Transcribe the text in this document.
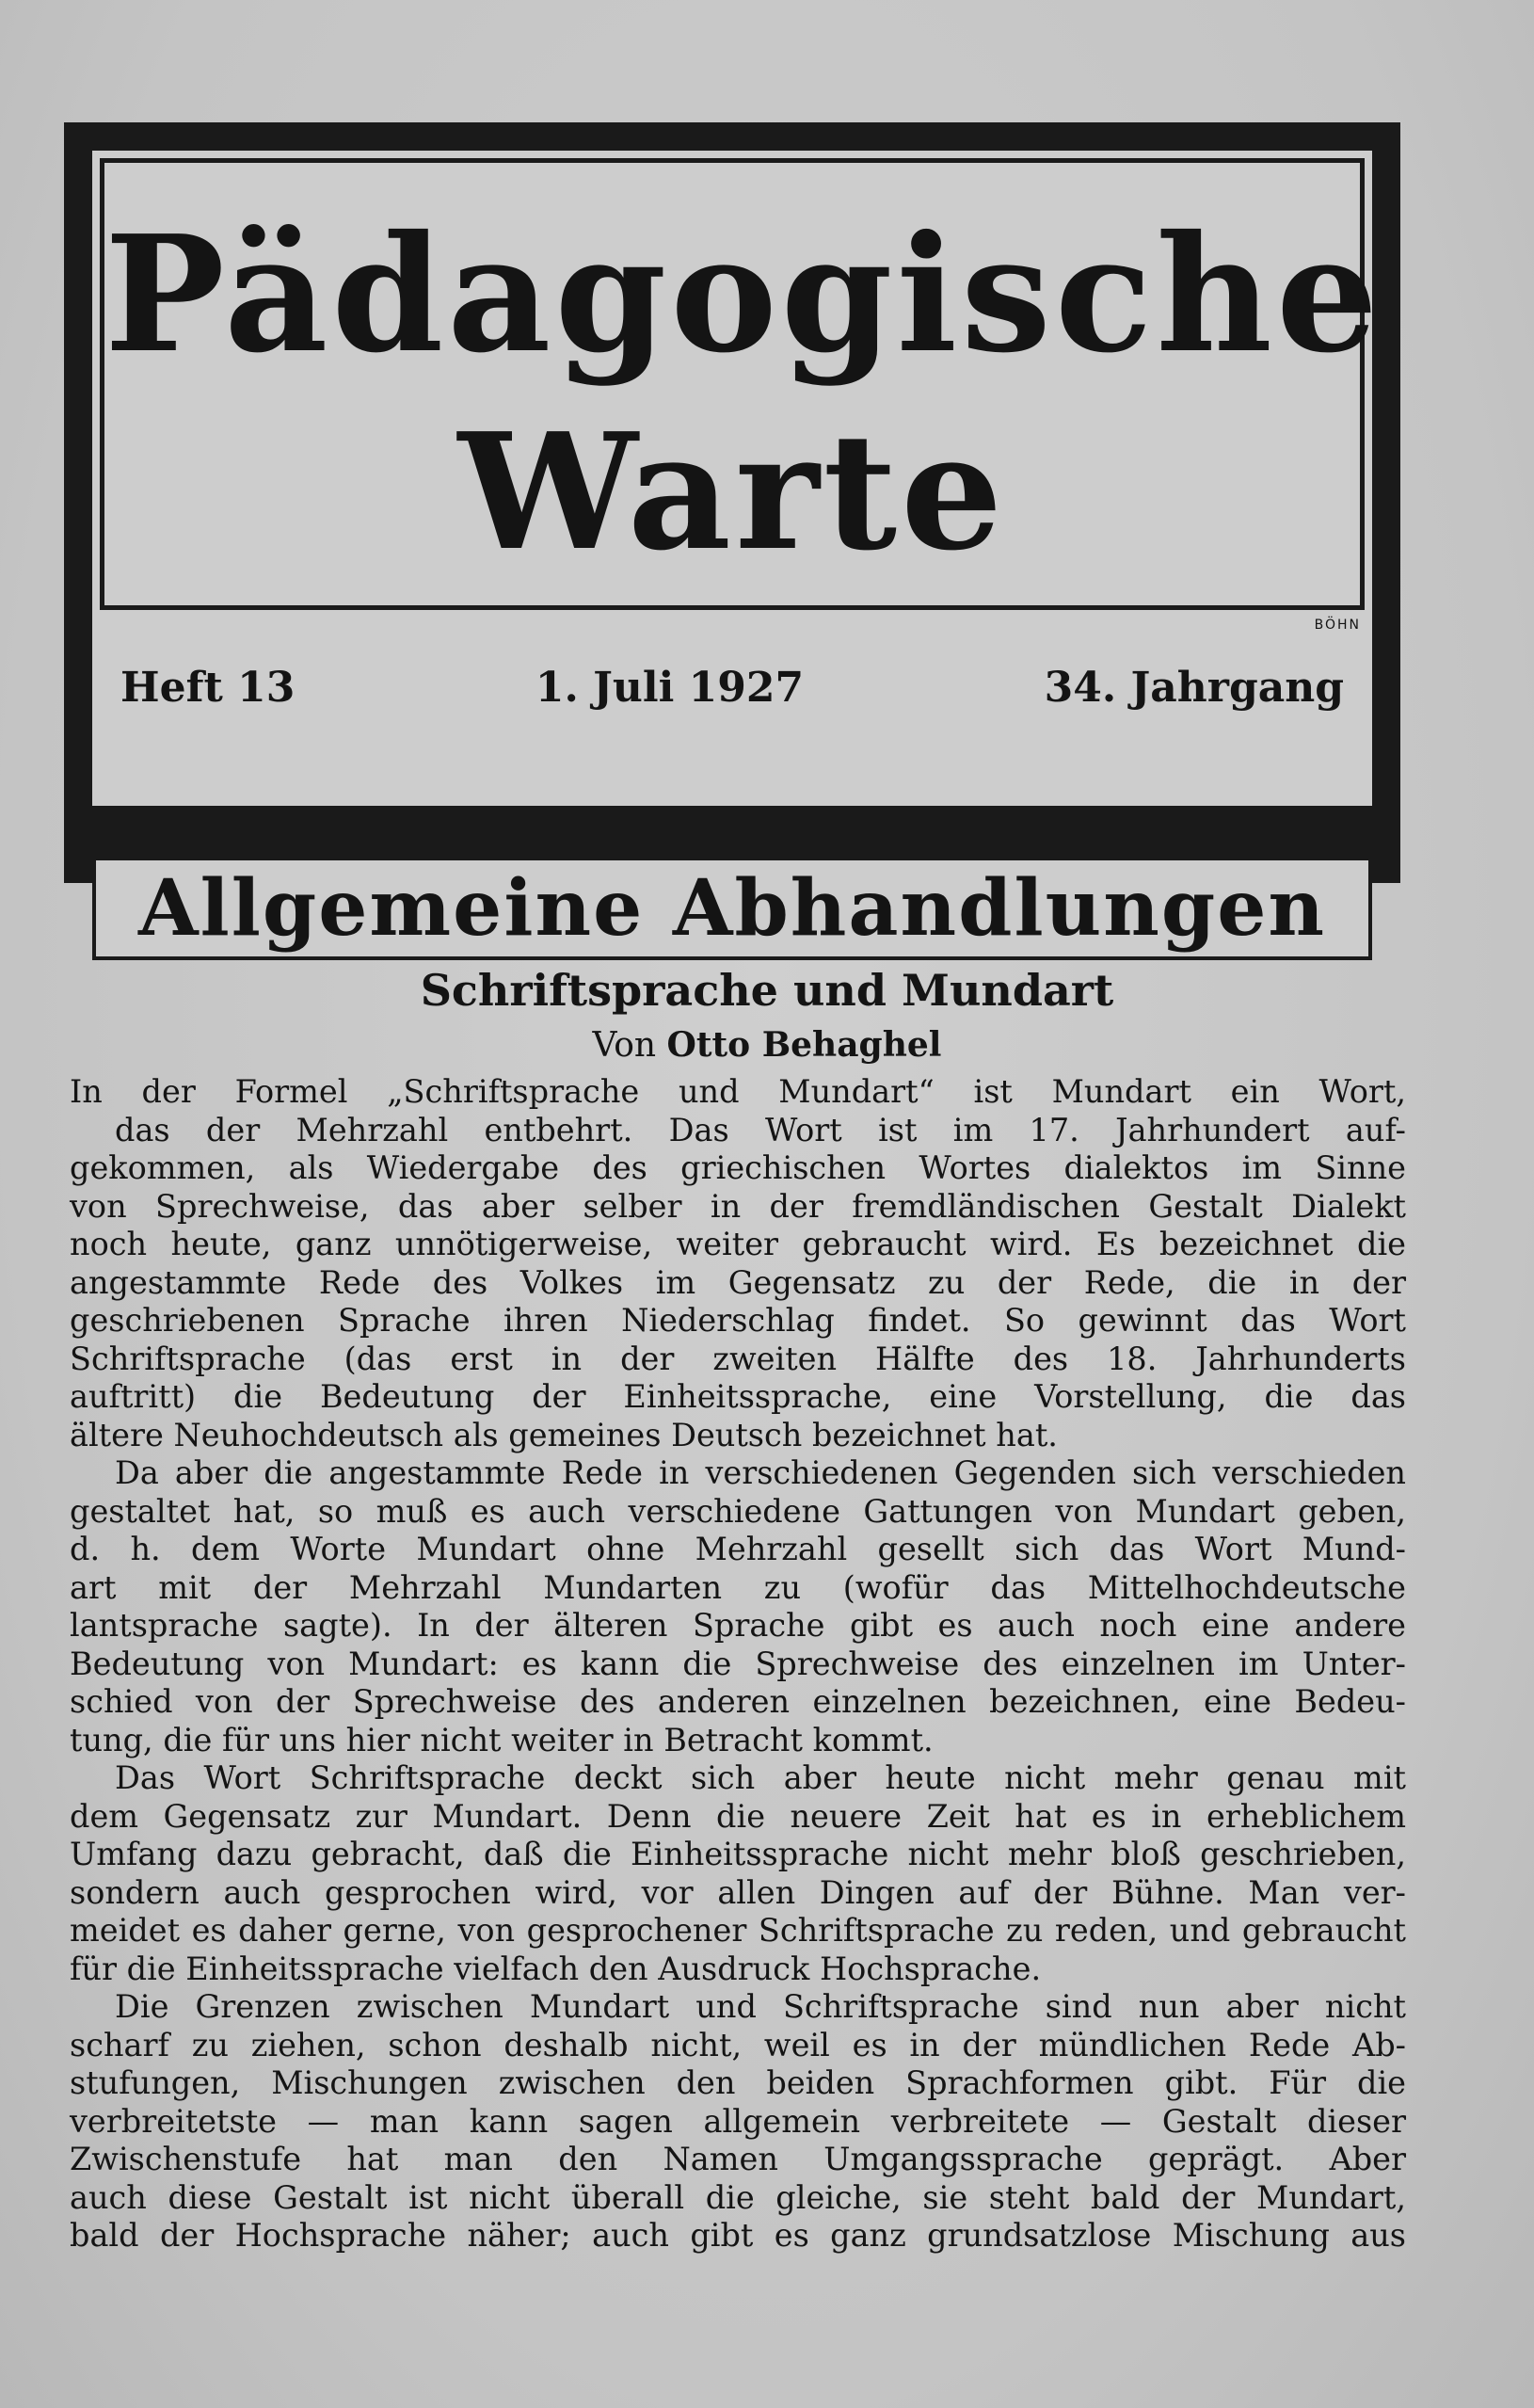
Pädagogische
Warte
BÖHN
Heft 13	1. Juli 1927	34. Jahrgang
Allgemeine Abhandlungen
Schriftsprache und Mundart
Von Otto Behaghel
In der Formel „Schriftsprache und Mundart“ ist Mundart ein Wort,
das der Mehrzahl entbehrt. Das Wort ist im 17. Jahrhundert auf-
gekommen, als Wiedergabe des griechischen Wortes dialektos im Sinne
von Sprechweise, das aber selber in der fremdländischen Gestalt Dialekt
noch heute, ganz unnötigerweise, weiter gebraucht wird. Es bezeichnet die
angestammte Rede des Volkes im Gegensatz zu der Rede, die in der
geschriebenen Sprache ihren Niederschlag findet. So gewinnt das Wort
Schriftsprache (das erst in der zweiten Hälfte des 18. Jahrhunderts
auftritt) die Bedeutung der Einheitssprache, eine Vorstellung, die das
ältere Neuhochdeutsch als gemeines Deutsch bezeichnet hat.
Da aber die angestammte Rede in verschiedenen Gegenden sich verschieden
gestaltet hat, so muß es auch verschiedene Gattungen von Mundart geben,
d. h. dem Worte Mundart ohne Mehrzahl gesellt sich das Wort Mund-
art mit der Mehrzahl Mundarten zu (wofür das Mittelhochdeutsche
lantsprache sagte). In der älteren Sprache gibt es auch noch eine andere
Bedeutung von Mundart: es kann die Sprechweise des einzelnen im Unter-
schied von der Sprechweise des anderen einzelnen bezeichnen, eine Bedeu-
tung, die für uns hier nicht weiter in Betracht kommt.
Das Wort Schriftsprache deckt sich aber heute nicht mehr genau mit
dem Gegensatz zur Mundart. Denn die neuere Zeit hat es in erheblichem
Umfang dazu gebracht, daß die Einheitssprache nicht mehr bloß geschrieben,
sondern auch gesprochen wird, vor allen Dingen auf der Bühne. Man ver-
meidet es daher gerne, von gesprochener Schriftsprache zu reden, und gebraucht
für die Einheitssprache vielfach den Ausdruck Hochsprache.
Die Grenzen zwischen Mundart und Schriftsprache sind nun aber nicht
scharf zu ziehen, schon deshalb nicht, weil es in der mündlichen Rede Ab-
stufungen, Mischungen zwischen den beiden Sprachformen gibt. Für die
verbreitetste — man kann sagen allgemein verbreitete — Gestalt dieser
Zwischenstufe hat man den Namen Umgangssprache geprägt. Aber
auch diese Gestalt ist nicht überall die gleiche, sie steht bald der Mundart,
bald der Hochsprache näher; auch gibt es ganz grundsatzlose Mischung aus
